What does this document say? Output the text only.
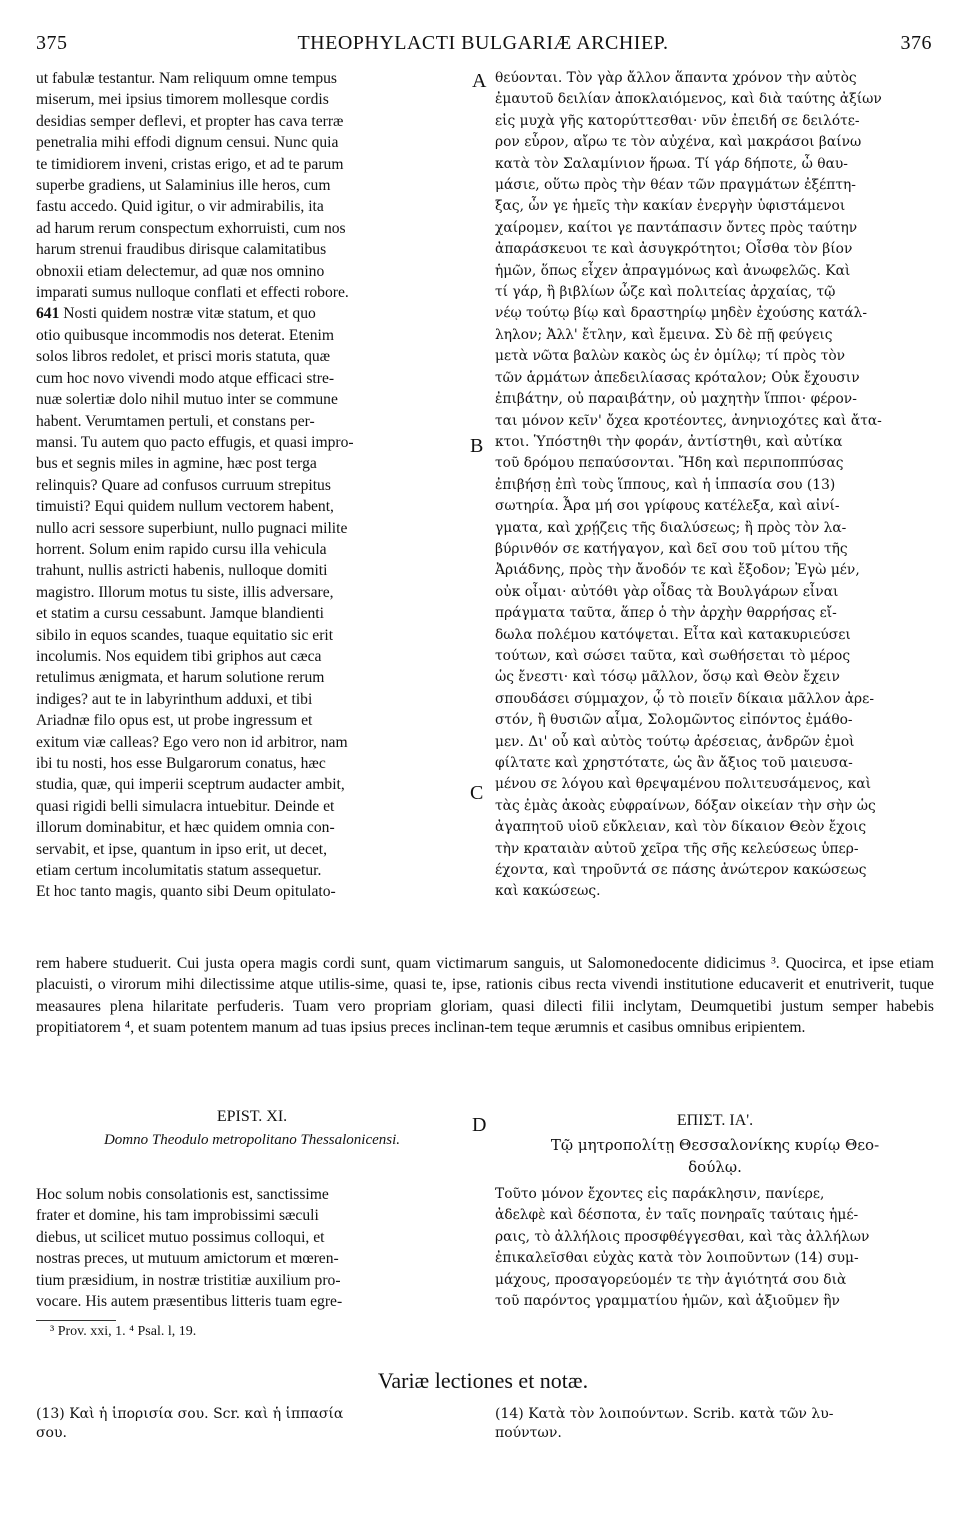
375	THEOPHYLACTI BULGARIÆ ARCHIEP.	376
A
B
C
D
ut fabulæ testantur. Nam reliquum omne tempus
miserum, mei ipsius timorem mollesque cordis
desidias semper deflevi, et propter has cava terræ
penetralia mihi effodi dignum censui. Nunc quia
te timidiorem inveni, cristas erigo, et ad te parum
superbe gradiens, ut Salaminius ille heros, cum
fastu accedo. Quid igitur, o vir admirabilis, ita
ad harum rerum conspectum exhorruisti, cum nos
harum strenui fraudibus dirisque calamitatibus
obnoxii etiam delectemur, ad quæ nos omnino
imparati sumus nulloque conflati et effecti robore.
641 Nosti quidem nostræ vitæ statum, et quo
otio quibusque incommodis nos deterat. Etenim
solos libros redolet, et prisci moris statuta, quæ
cum hoc novo vivendi modo atque efficaci stre-
nuæ solertiæ dolo nihil mutuo inter se commune
habent. Verumtamen pertuli, et constans per-
mansi. Tu autem quo pacto effugis, et quasi impro-
bus et segnis miles in agmine, hæc post terga
relinquis? Quare ad confusos curruum strepitus
timuisti? Equi quidem nullum vectorem habent,
nullo acri sessore superbiunt, nullo pugnaci milite
horrent. Solum enim rapido cursu illa vehicula
trahunt, nullis astricti habenis, nulloque domiti
magistro. Illorum motus tu siste, illis adversare,
et statim a cursu cessabunt. Jamque blandienti
sibilo in equos scandes, tuaque equitatio sic erit
incolumis. Nos equidem tibi griphos aut cæca
retulimus ænigmata, et harum solutione rerum
indiges? aut te in labyrinthum adduxi, et tibi
Ariadnæ filo opus est, ut probe ingressum et
exitum viæ calleas? Ego vero non id arbitror, nam
ibi tu nosti, hos esse Bulgarorum conatus, hæc
studia, quæ, qui imperii sceptrum audacter ambit,
quasi rigidi belli simulacra intuebitur. Deinde et
illorum dominabitur, et hæc quidem omnia con-
servabit, et ipse, quantum in ipso erit, ut decet,
etiam certum incolumitatis statum assequetur.
Et hoc tanto magis, quanto sibi Deum opitulato-
θεύονται. Τὸν γὰρ ἄλλον ἅπαντα χρόνον τὴν αὐτὸς
ἐμαυτοῦ δειλίαν ἀποκλαιόμενος, καὶ διὰ ταύτης ἀξίων
εἰς μυχὰ γῆς κατορύττεσθαι· νῦν ἐπειδή σε δειλότε-
ρον εὗρον, αἴρω τε τὸν αὐχένα, καὶ μακράσοι βαίνω
κατὰ τὸν Σαλαμίνιον ἥρωα. Τί γάρ δήποτε, ὦ θαυ-
μάσιε, οὕτω πρὸς τὴν θέαν τῶν πραγμάτων ἐξέπτη-
ξας, ὧν γε ἡμεῖς τὴν κακίαν ἐνεργὴν ὑφιστάμενοι
χαίρομεν, καίτοι γε παντάπασιν ὄντες πρὸς ταύτην
ἀπαράσκευοι τε καὶ ἀσυγκρότητοι; Οἶσθα τὸν βίον
ἡμῶν, ὅπως εἶχεν ἀπραγμόνως καὶ ἀνωφελῶς. Καὶ
τί γάρ, ἢ βιβλίων ὦζε καὶ πολιτείας ἀρχαίας, τῷ
νέῳ τούτῳ βίῳ καὶ δραστηρίῳ μηδὲν ἐχούσης κατάλ-
ληλον; Ἀλλ' ἔτλην, καὶ ἔμεινα. Σὺ δὲ πῇ φεύγεις
μετὰ νῶτα βαλὼν κακὸς ὡς ἐν ὁμίλῳ; τί πρὸς τὸν
τῶν ἁρμάτων ἀπεδειλίασας κρόταλον; Οὐκ ἔχουσιν
ἐπιβάτην, οὐ παραιβάτην, οὐ μαχητὴν ἵπποι· φέρον-
ται μόνον κεῖν' ὄχεα κροτέοντες, ἀνηνιοχότες καὶ ἄτα-
κτοι. Ὑπόστηθι τὴν φοράν, ἀντίστηθι, καὶ αὐτίκα
τοῦ δρόμου πεπαύσονται. Ἤδη καὶ περιποππύσας
ἐπιβήσῃ ἐπὶ τοὺς ἵππους, καὶ ἡ ἱππασία σου (13)
σωτηρία. Ἆρα μή σοι γρίφους κατέλεξα, καὶ αἰνί-
γματα, καὶ χρῄζεις τῆς διαλύσεως; ἢ πρὸς τὸν λα-
βύρινθόν σε κατήγαγον, καὶ δεῖ σου τοῦ μίτου τῆς
Ἀριάδνης, πρὸς τὴν ἄνοδόν τε καὶ ἔξοδον; Ἐγὼ μέν,
οὐκ οἶμαι· αὐτόθι γὰρ οἶδας τὰ Βουλγάρων εἶναι
πράγματα ταῦτα, ἅπερ ὁ τὴν ἀρχὴν θαρρήσας εἴ-
δωλα πολέμου κατόψεται. Εἶτα καὶ κατακυριεύσει
τούτων, καὶ σώσει ταῦτα, καὶ σωθήσεται τὸ μέρος
ὡς ἔνεστι· καὶ τόσῳ μᾶλλον, ὅσῳ καὶ Θεὸν ἔχειν
σπουδάσει σύμμαχον, ᾧ τὸ ποιεῖν δίκαια μᾶλλον ἀρε-
στόν, ἢ θυσιῶν αἷμα, Σολομῶντος εἰπόντος ἐμάθο-
μεν. Δι' οὗ καὶ αὐτὸς τούτῳ ἀρέσειας, ἀνδρῶν ἐμοὶ
φίλτατε καὶ χρηστότατε, ὡς ἂν ἄξιος τοῦ μαιευσα-
μένου σε λόγου καὶ θρεψαμένου πολιτευσάμενος, καὶ
τὰς ἐμὰς ἀκοὰς εὐφραίνων, δόξαν οἰκείαν τὴν σὴν ὡς
ἀγαπητοῦ υἱοῦ εὔκλειαν, καὶ τὸν δίκαιον Θεὸν ἔχοις
τὴν κραταιὰν αὐτοῦ χεῖρα τῆς σῆς κελεύσεως ὑπερ-
έχοντα, καὶ τηροῦντά σε πάσης ἀνώτερον κακώσεως
καὶ κακώσεως.
rem habere studuerit. Cui justa opera magis cordi sunt, quam victimarum sanguis, ut Salomonedocente didicimus ³. Quocirca, et ipse etiam placuisti, o virorum mihi dilectissime atque utilis-sime, quasi te, ipse, rationis cibus recta vivendi institutione educaverit et enutriverit, tuque measaures plena hilaritate perfuderis. Tuam vero propriam gloriam, quasi dilecti filii inclytam, Deumquetibi justum semper habebis propitiatorem ⁴, et suam potentem manum ad tuas ipsius preces inclinan-tem teque ærumnis et casibus omnibus eripientem.
EPIST. XI.
Domno Theodulo metropolitano Thessalonicensi.
Hoc solum nobis consolationis est, sanctissime
frater et domine, his tam improbissimi sæculi
diebus, ut scilicet mutuo possimus colloqui, et
nostras preces, ut mutuum amictorum et mœren-
tium præsidium, in nostræ tristitiæ auxilium pro-
vocare. His autem præsentibus litteris tuam egre-
ΕΠΙΣΤ. ΙΑ'.
Τῷ μητροπολίτῃ Θεσσαλονίκης κυρίῳ Θεο-
δούλῳ.
Τοῦτο μόνον ἔχοντες εἰς παράκλησιν, πανίερε,
ἀδελφὲ καὶ δέσποτα, ἐν ταῖς πονηραῖς ταύταις ἡμέ-
ραις, τὸ ἀλλήλοις προσφθέγγεσθαι, καὶ τὰς ἀλλήλων
ἐπικαλεῖσθαι εὐχὰς κατὰ τὸν λοιποῦντων (14) συμ-
μάχους, προσαγορεύομέν τε τὴν ἁγιότητά σου διὰ
τοῦ παρόντος γραμματίου ἡμῶν, καὶ ἀξιοῦμεν ἣν
³ Prov. xxi, 1. ⁴ Psal. l, 19.
Variæ lectiones et notæ.
(13) Καὶ ἡ ἱπορισία σου. Scr. καὶ ἡ ἱππασία
σου.
(14) Κατὰ τὸν λοιπούντων. Scrib. κατὰ τῶν λυ-
πούντων.
